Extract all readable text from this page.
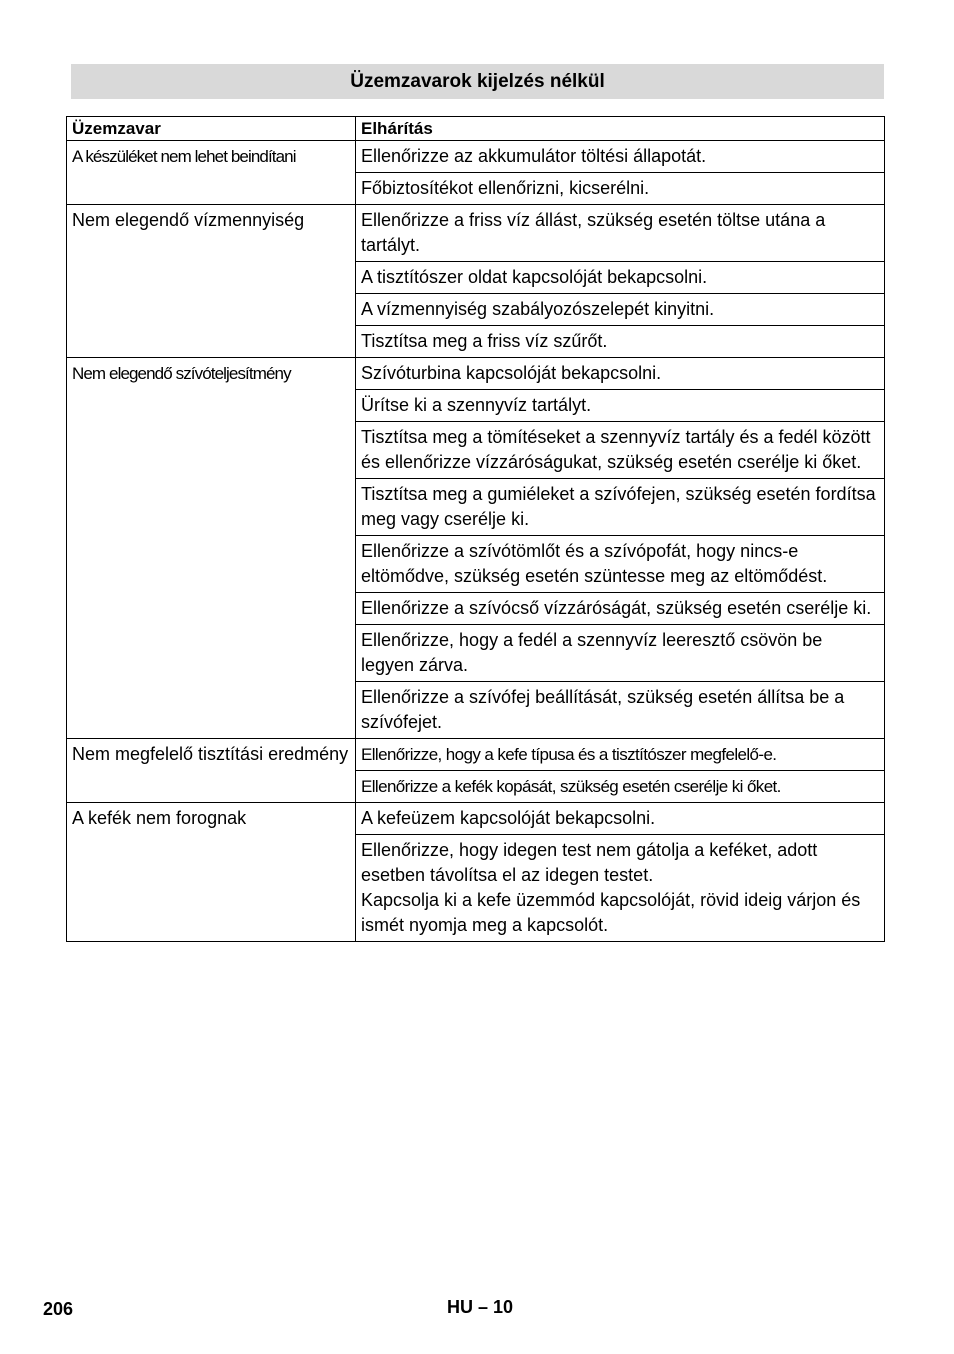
Üzemzavarok kijelzés nélkül
Üzemzavar	Elhárítás
A készüléket nem lehet beindítani	Ellenőrizze az akkumulátor töltési állapotát.
	Főbiztosítékot ellenőrizni, kicserélni.
Nem elegendő vízmennyiség	Ellenőrizze a friss víz állást, szükség esetén töltse utána a tartályt.
	A tisztítószer oldat kapcsolóját bekapcsolni.
	A vízmennyiség szabályozószelepét kinyitni.
	Tisztítsa meg a friss víz szűrőt.
Nem elegendő szívóteljesítmény	Szívóturbina kapcsolóját bekapcsolni.
	Ürítse ki a szennyvíz tartályt.
	Tisztítsa meg a tömítéseket a szennyvíz tartály és a fedél között és ellenőrizze vízzáróságukat, szükség esetén cserélje ki őket.
	Tisztítsa meg a gumiéleket a szívófejen, szükség esetén fordítsa meg vagy cserélje ki.
	Ellenőrizze a szívótömlőt és a szívópofát, hogy nincs-e eltömődve, szükség esetén szüntesse meg az eltömődést.
	Ellenőrizze a szívócső vízzáróságát, szükség esetén cserélje ki.
	Ellenőrizze, hogy a fedél a szennyvíz leeresztő csövön be legyen zárva.
	Ellenőrizze a szívófej beállítását, szükség esetén állítsa be a szívófejet.
Nem megfelelő tisztítási eredmény	Ellenőrizze, hogy a kefe típusa és a tisztítószer megfelelő-e.
	Ellenőrizze a kefék kopását, szükség esetén cserélje ki őket.
A kefék nem forognak	A kefeüzem kapcsolóját bekapcsolni.

	Ellenőrizze, hogy idegen test nem gátolja a keféket, adott esetben távolítsa el az idegen testet.
Kapcsolja ki a kefe üzemmód kapcsolóját, rövid ideig várjon és ismét nyomja meg a kapcsolót.
206	HU – 10
